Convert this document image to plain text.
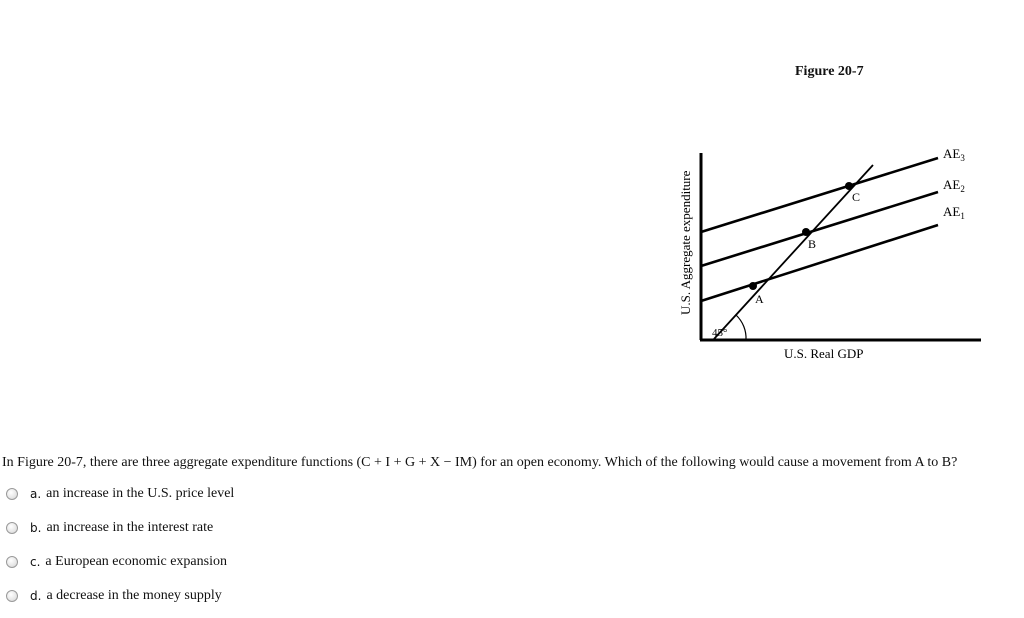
Figure 20-7
45°
A
B
C
$AE_3$
$AE_2$
$AE_1$
U.S. Aggregate expenditure
U.S. Real GDP
In Figure 20-7, there are three aggregate expenditure functions (C + I + G + X − IM) for an open economy. Which of the following would cause a movement from A to B?
a. an increase in the U.S. price level
b. an increase in the interest rate
c. a European economic expansion
d. a decrease in the money supply
